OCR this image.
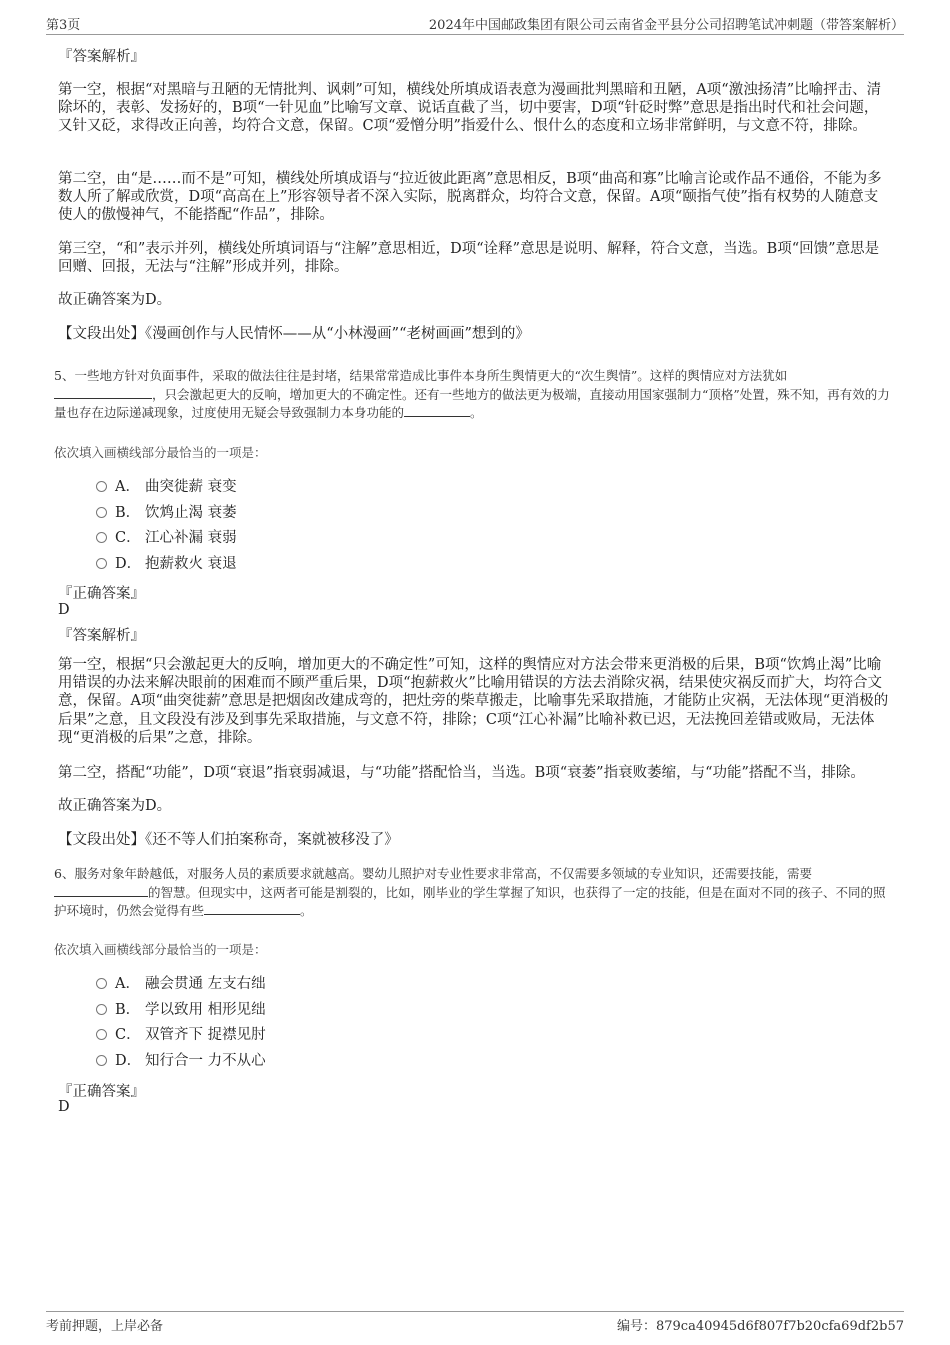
第3页	2024年中国邮政集团有限公司云南省金平县分公司招聘笔试冲刺题（带答案解析）
『答案解析』
第一空，根据“对黑暗与丑陋的无情批判、讽刺”可知，横线处所填成语表意为漫画批判黑暗和丑陋，A项“激浊扬清”比喻抨击、清除坏的，表彰、发扬好的，B项“一针见血”比喻写文章、说话直截了当，切中要害，D项“针砭时弊”意思是指出时代和社会问题，又针又砭，求得改正向善，均符合文意，保留。C项“爱憎分明”指爱什么、恨什么的态度和立场非常鲜明，与文意不符，排除。
第二空，由“是……而不是”可知，横线处所填成语与“拉近彼此距离”意思相反，B项“曲高和寡”比喻言论或作品不通俗，不能为多数人所了解或欣赏，D项“高高在上”形容领导者不深入实际，脱离群众，均符合文意，保留。A项“颐指气使”指有权势的人随意支使人的傲慢神气，不能搭配“作品”，排除。
第三空，“和”表示并列，横线处所填词语与“注解”意思相近，D项“诠释”意思是说明、解释，符合文意，当选。B项“回馈”意思是回赠、回报，无法与“注解”形成并列，排除。
故正确答案为D。
【文段出处】《漫画创作与人民情怀——从“小林漫画”“老树画画”想到的》
5、一些地方针对负面事件，采取的做法往往是封堵，结果常常造成比事件本身所生舆情更大的“次生舆情”。这样的舆情应对方法犹如
，只会激起更大的反响，增加更大的不确定性。还有一些地方的做法更为极端，直接动用国家强制力“顶格”处置，殊不知，再有效的力量也存在边际递减现象，过度使用无疑会导致强制力本身功能的	。
依次填入画横线部分最恰当的一项是：
A． 曲突徙薪 衰变
B． 饮鸩止渴 衰萎
C． 江心补漏 衰弱
D． 抱薪救火 衰退
『正确答案』
D
『答案解析』
第一空，根据“只会激起更大的反响，增加更大的不确定性”可知，这样的舆情应对方法会带来更消极的后果，B项“饮鸩止渴”比喻用错误的办法来解决眼前的困难而不顾严重后果，D项“抱薪救火”比喻用错误的方法去消除灾祸，结果使灾祸反而扩大，均符合文意，保留。A项“曲突徙薪”意思是把烟囱改建成弯的，把灶旁的柴草搬走，比喻事先采取措施，才能防止灾祸，无法体现“更消极的后果”之意，且文段没有涉及到事先采取措施，与文意不符，排除；C项“江心补漏”比喻补救已迟，无法挽回差错或败局，无法体现“更消极的后果”之意，排除。
第二空，搭配“功能”，D项“衰退”指衰弱减退，与“功能”搭配恰当，当选。B项“衰萎”指衰败萎缩，与“功能”搭配不当，排除。
故正确答案为D。
【文段出处】《还不等人们拍案称奇，案就被移没了》
6、服务对象年龄越低，对服务人员的素质要求就越高。婴幼儿照护对专业性要求非常高，不仅需要多领域的专业知识，还需要技能，需要
的智慧。但现实中，这两者可能是割裂的，比如，刚毕业的学生掌握了知识，也获得了一定的技能，但是在面对不同的孩子、不同的照护环境时，仍然会觉得有些	。
依次填入画横线部分最恰当的一项是：
A． 融会贯通 左支右绌
B． 学以致用 相形见绌
C． 双管齐下 捉襟见肘
D． 知行合一 力不从心
『正确答案』
D
考前押题，上岸必备	编号：879ca40945d6f807f7b20cfa69df2b57
